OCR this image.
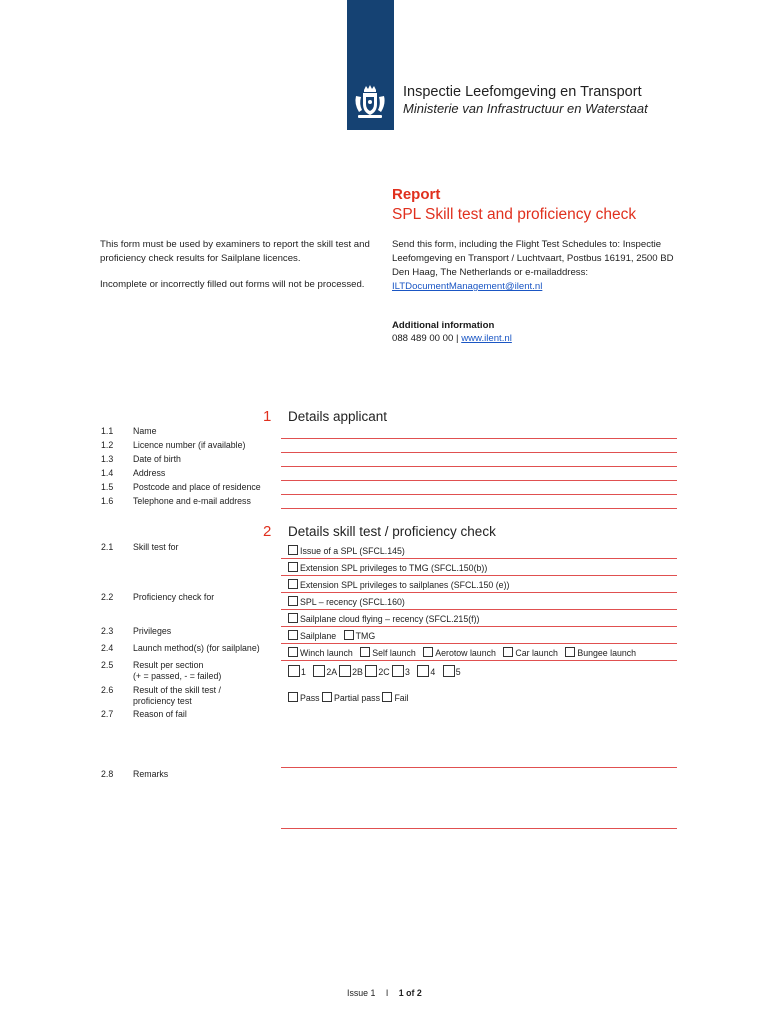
Inspectie Leefomgeving en Transport
Ministerie van Infrastructuur en Waterstaat
Report
SPL Skill test and proficiency check
This form must be used by examiners to report the skill test and proficiency check results for Sailplane licences.
Incomplete or incorrectly filled out forms will not be processed.
Send this form, including the Flight Test Schedules to: Inspectie Leefomgeving en Transport / Luchtvaart, Postbus 16191, 2500 BD Den Haag, The Netherlands or e-mailaddress: ILTDocumentManagement@ilent.nl
Additional information
088 489 00 00 | www.ilent.nl
1 Details applicant
1.1 Name
1.2 Licence number (if available)
1.3 Date of birth
1.4 Address
1.5 Postcode and place of residence
1.6 Telephone and e-mail address
2 Details skill test / proficiency check
2.1 Skill test for
2.2 Proficiency check for
2.3 Privileges
2.4 Launch method(s) (for sailplane)
2.5 Result per section
(+ = passed, - = failed)
2.6 Result of the skill test /
proficiency test
2.7 Reason of fail
2.8 Remarks
Issue of a SPL (SFCL.145)
Extension SPL privileges to TMG (SFCL.150(b))
Extension SPL privileges to sailplanes (SFCL.150 (e))
SPL – recency (SFCL.160)
Sailplane cloud flying – recency (SFCL.215(f))
Sailplane TMG
Winch launch Self launch Aerotow launch Car launch Bungee launch
1 2A 2B 2C 3 4 5
Pass Partial pass Fail
Issue 1 I 1 of 2
